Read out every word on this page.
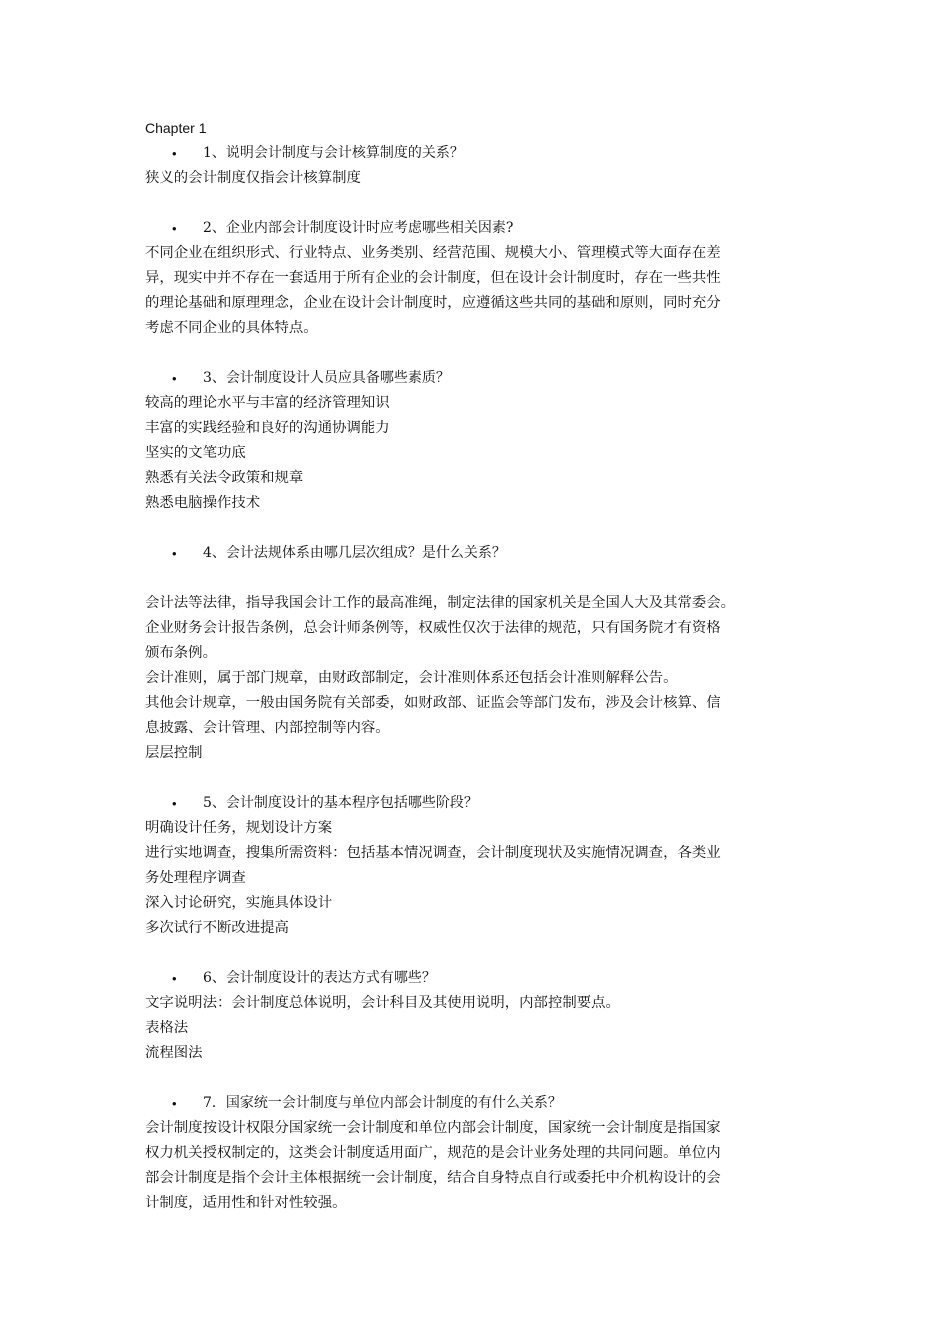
Chapter 1
• 1、说明会计制度与会计核算制度的关系？
狭义的会计制度仅指会计核算制度
• 2、企业内部会计制度设计时应考虑哪些相关因素?
不同企业在组织形式、行业特点、业务类别、经营范围、规模大小、管理模式等大面存在差
异，现实中并不存在一套适用于所有企业的会计制度，但在设计会计制度时，存在一些共性
的理论基础和原理理念，企业在设计会计制度时，应遵循这些共同的基础和原则，同时充分
考虑不同企业的具体特点。
• 3、会计制度设计人员应具备哪些素质？
较高的理论水平与丰富的经济管理知识
丰富的实践经验和良好的沟通协调能力
坚实的文笔功底
熟悉有关法令政策和规章
熟悉电脑操作技术
• 4、会计法规体系由哪几层次组成？是什么关系？
会计法等法律，指导我国会计工作的最高准绳，制定法律的国家机关是全国人大及其常委会。
企业财务会计报告条例，总会计师条例等，权威性仅次于法律的规范，只有国务院才有资格
颁布条例。
会计准则，属于部门规章，由财政部制定，会计准则体系还包括会计准则解释公告。
其他会计规章，一般由国务院有关部委，如财政部、证监会等部门发布，涉及会计核算、信
息披露、会计管理、内部控制等内容。
层层控制
• 5、会计制度设计的基本程序包括哪些阶段？
明确设计任务，规划设计方案
进行实地调查，搜集所需资料：包括基本情况调查，会计制度现状及实施情况调查，各类业
务处理程序调查
深入讨论研究，实施具体设计
多次试行不断改进提高
• 6、会计制度设计的表达方式有哪些？
文字说明法：会计制度总体说明，会计科目及其使用说明，内部控制要点。
表格法
流程图法
• 7．国家统一会计制度与单位内部会计制度的有什么关系？
会计制度按设计权限分国家统一会计制度和单位内部会计制度，国家统一会计制度是指国家
权力机关授权制定的，这类会计制度适用面广，规范的是会计业务处理的共同问题。单位内
部会计制度是指个会计主体根据统一会计制度，结合自身特点自行或委托中介机构设计的会
计制度，适用性和针对性较强。
